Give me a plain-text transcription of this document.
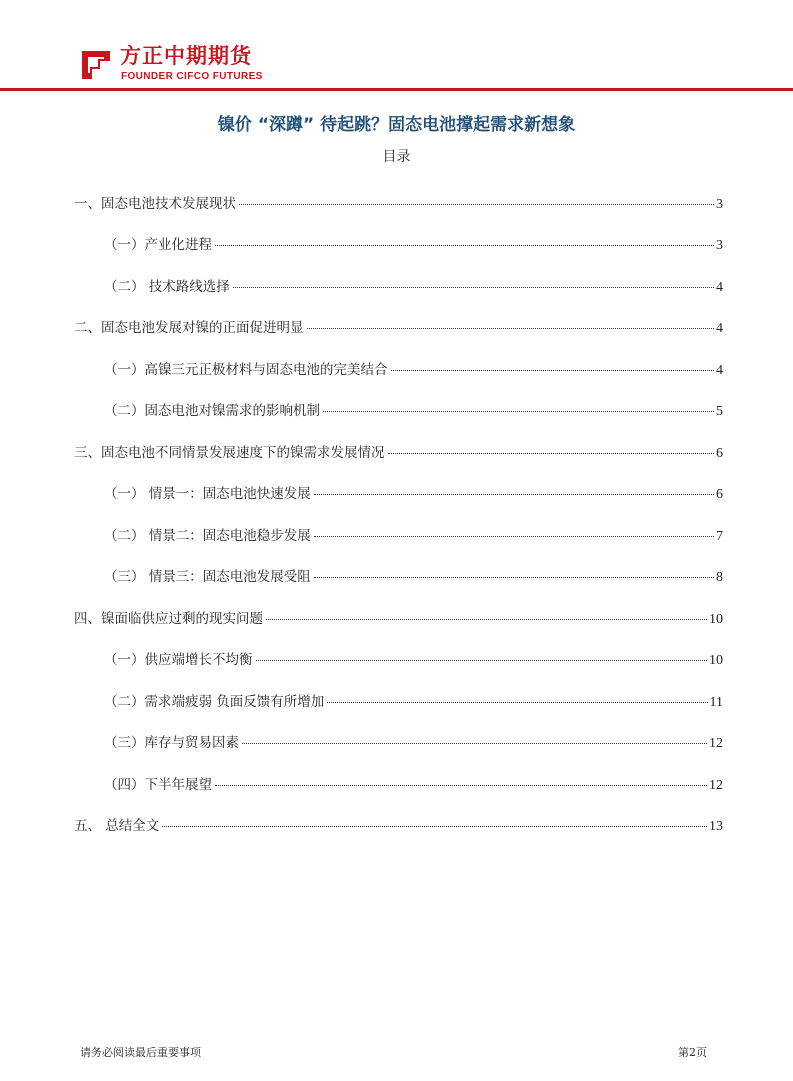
方正中期期货
FOUNDER CIFCO FUTURES
镍价 “深蹲” 待起跳？固态电池撑起需求新想象
目录
一、固态电池技术发展现状	3
（一）产业化进程	3
（二） 技术路线选择	4
二、固态电池发展对镍的正面促进明显	4
（一）高镍三元正极材料与固态电池的完美结合	4
（二）固态电池对镍需求的影响机制	5
三、固态电池不同情景发展速度下的镍需求发展情况	6
（一） 情景一：固态电池快速发展	6
（二） 情景二：固态电池稳步发展	7
（三） 情景三：固态电池发展受阻	8
四、镍面临供应过剩的现实问题	10
（一）供应端增长不均衡	10
（二）需求端疲弱 负面反馈有所增加	11
（三）库存与贸易因素	12
（四）下半年展望	12
五、 总结全文	13
请务必阅读最后重要事项	第2页
